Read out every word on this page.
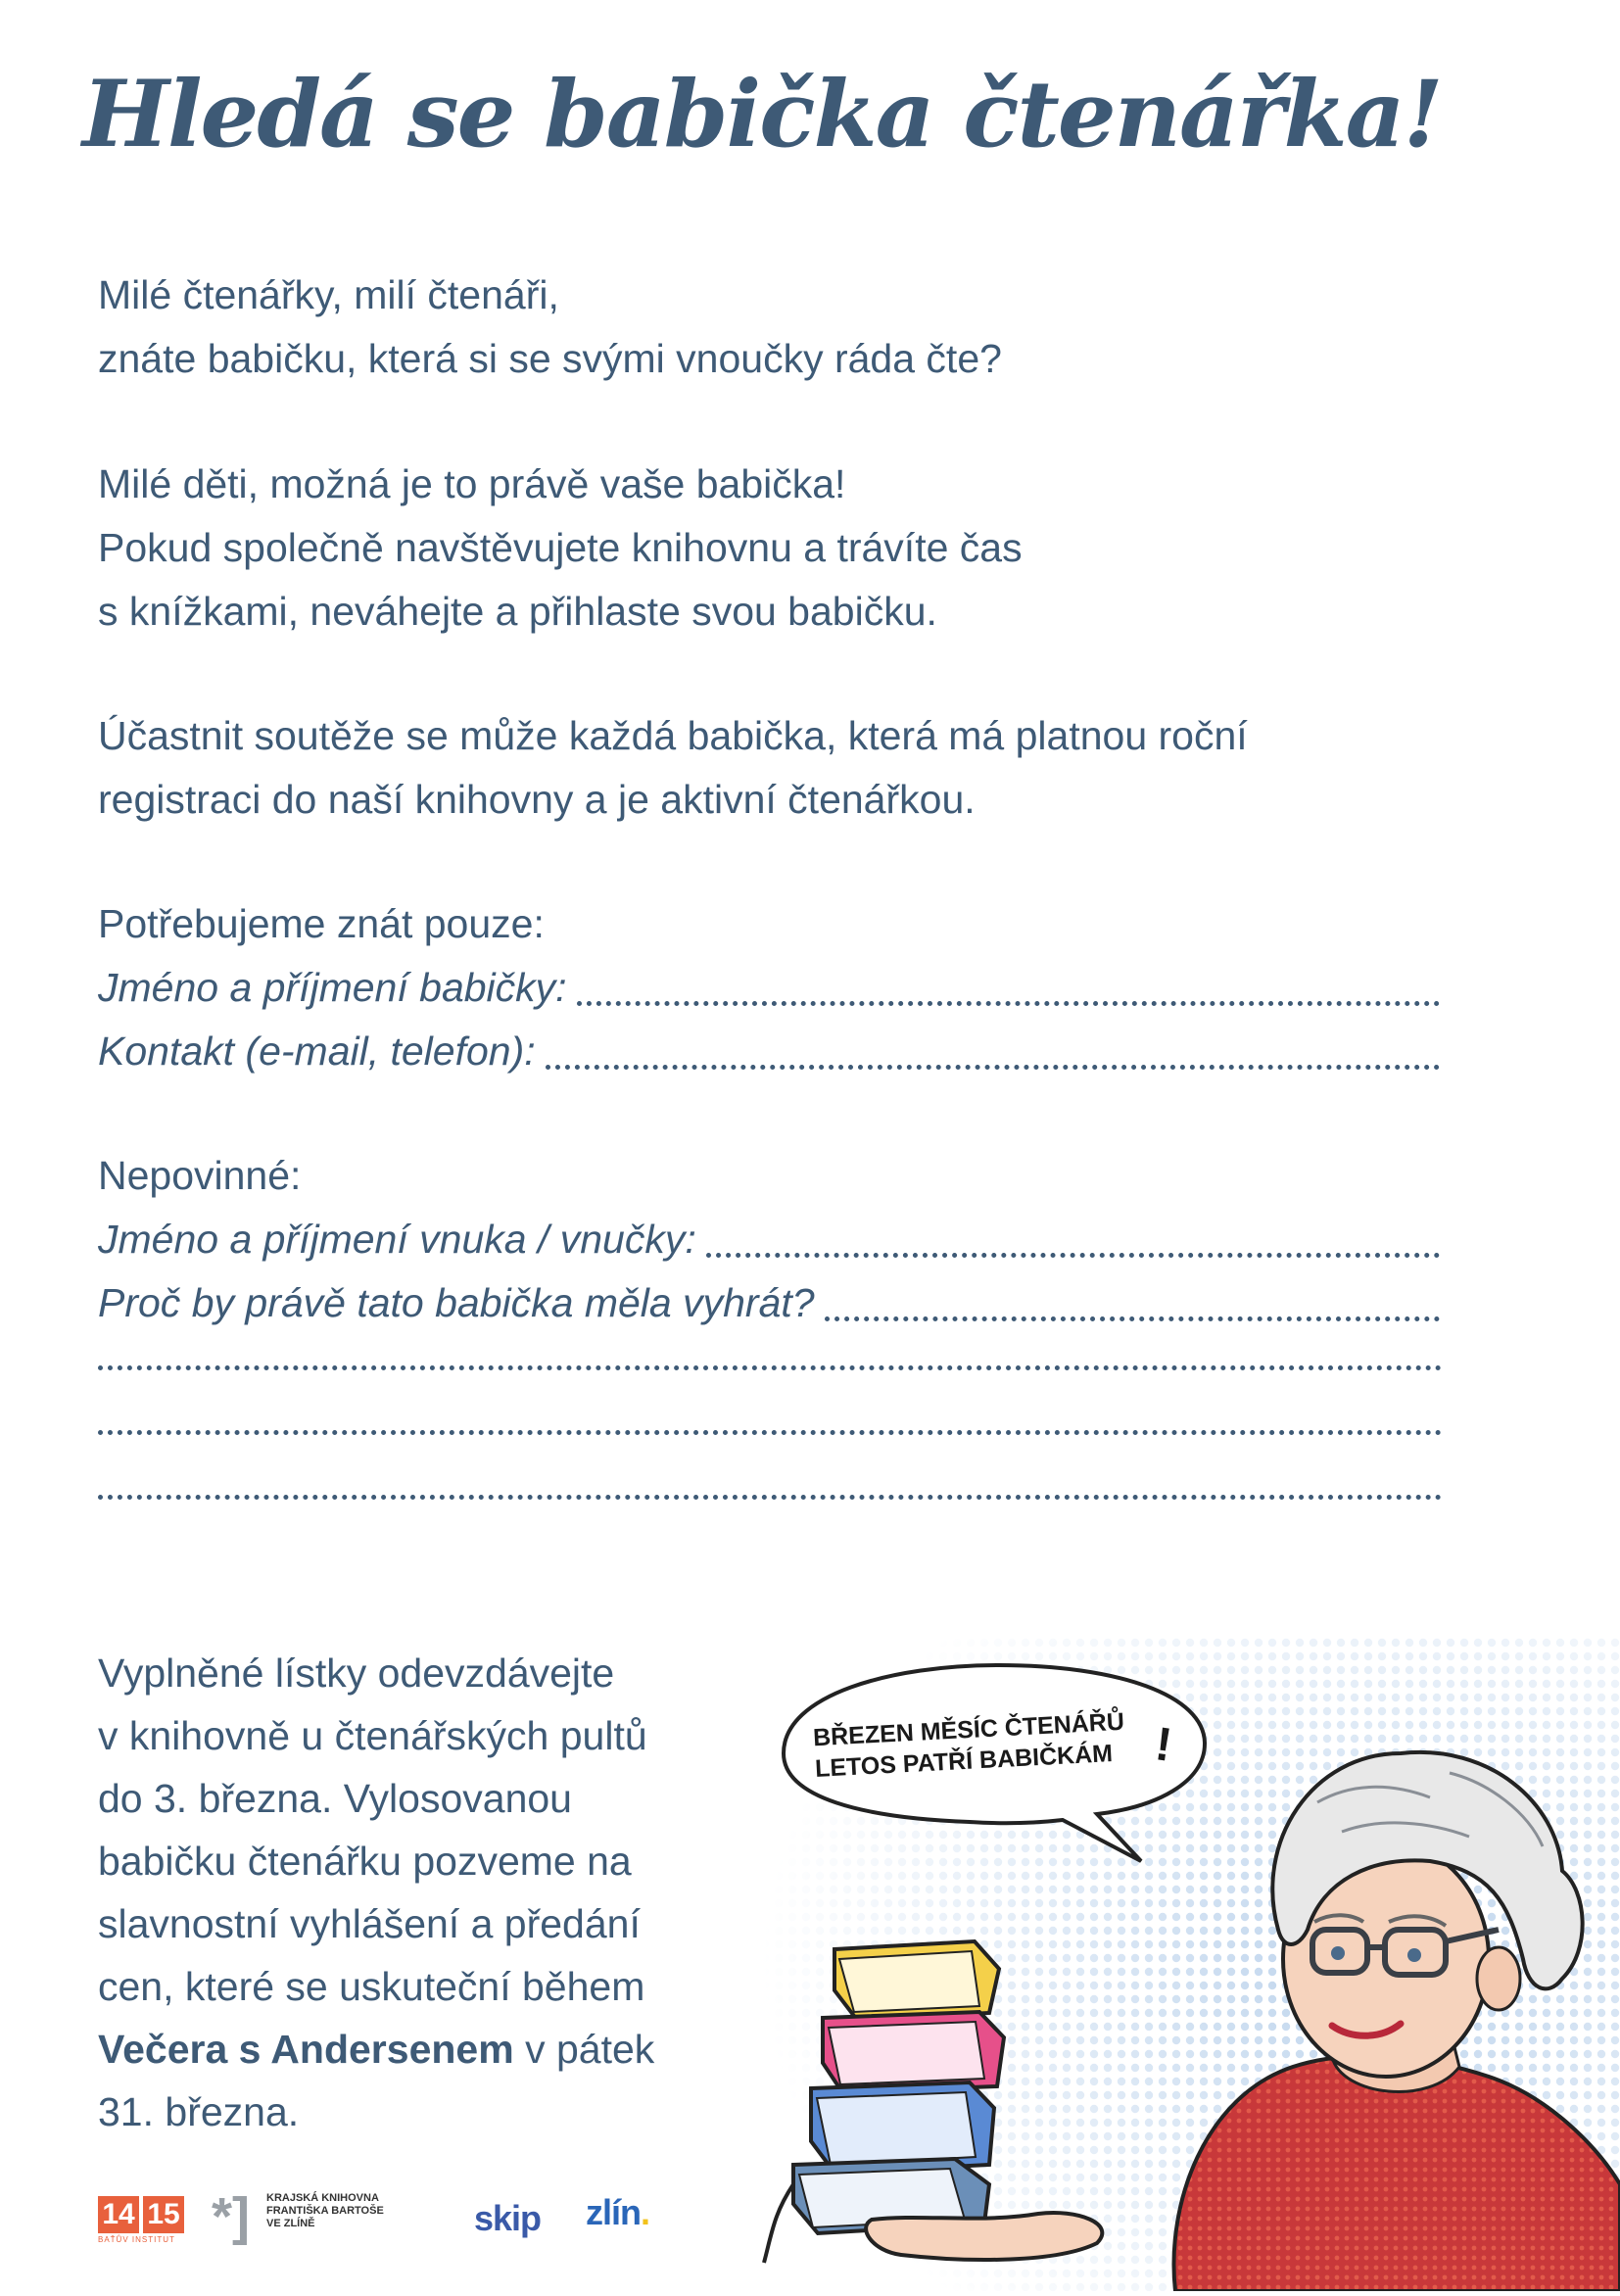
Hledá se babička čtenářka!
Milé čtenářky, milí čtenáři,
znáte babičku, která si se svými vnoučky ráda čte?
Milé děti, možná je to právě vaše babička!
Pokud společně navštěvujete knihovnu a trávíte čas
s knížkami, neváhejte a přihlaste svou babičku.
Účastnit soutěže se může každá babička, která má platnou roční
registraci do naší knihovny a je aktivní čtenářkou.
Potřebujeme znát pouze:
Jméno a příjmení babičky:
Kontakt (e-mail, telefon):
Nepovinné:
Jméno a příjmení vnuka / vnučky:
Proč by právě tato babička měla vyhrát?
Vyplněné lístky odevzdávejte
v knihovně u čtenářských pultů
do 3. března. Vylosovanou
babičku čtenářku pozveme na
slavnostní vyhlášení a předání
cen, které se uskuteční během
Večera s Andersenem v pátek
31. března.
BŘEZEN MĚSÍC ČTENÁŘŮ
LETOS PATŘÍ BABIČKÁM !
14 15
BAŤŮV INSTITUT *] KRAJSKÁ KNIHOVNA
FRANTIŠKA BARTOŠE
VE ZLÍNĚ	skip zlín.
